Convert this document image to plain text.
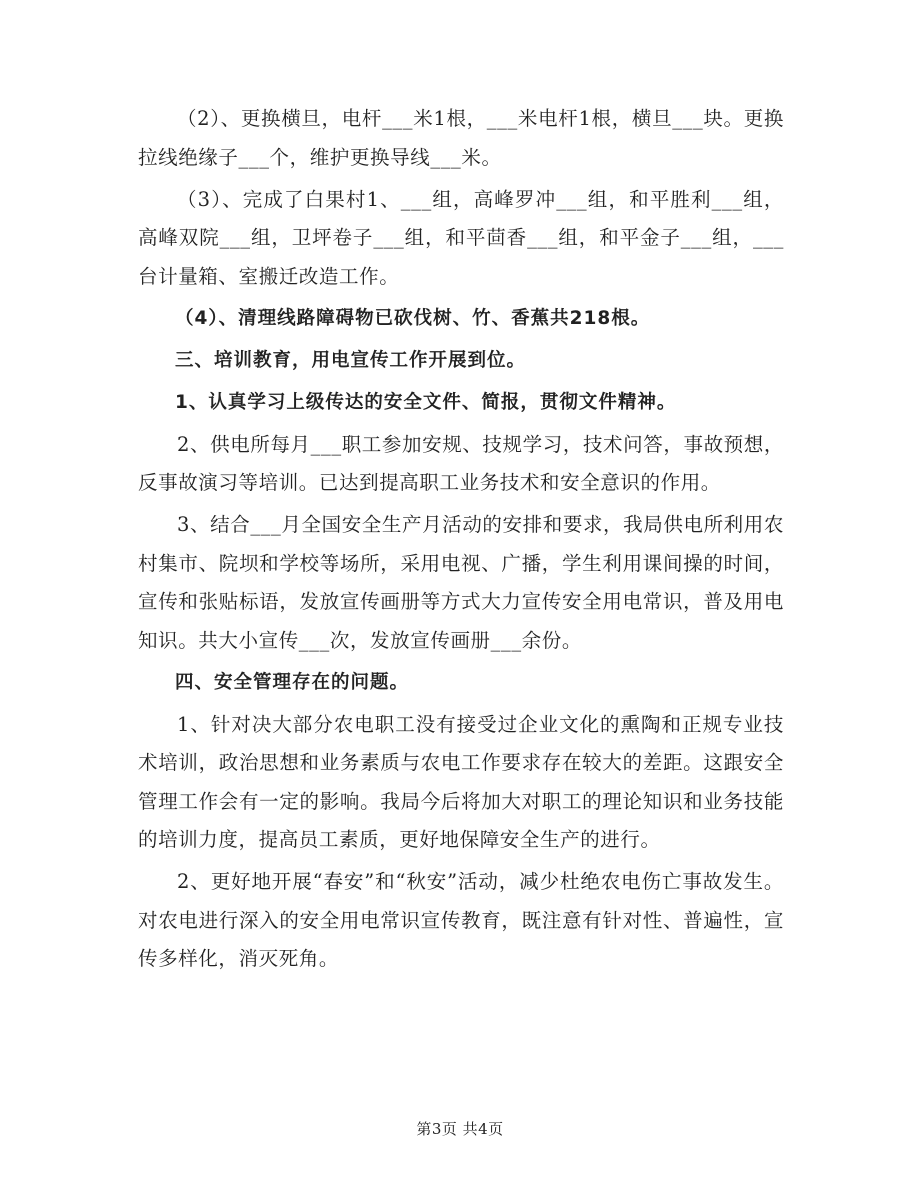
（2）、更换横旦，电杆___米1根，___米电杆1根，横旦___块。更换拉线绝缘子___个，维护更换导线___米。

（3）、完成了白果村1、___组，高峰罗冲___组，和平胜利___组，高峰双院___组，卫坪卷子___组，和平茴香___组，和平金子___组，___台计量箱、室搬迁改造工作。

（4）、清理线路障碍物已砍伐树、竹、香蕉共218根。

三、培训教育，用电宣传工作开展到位。

1、认真学习上级传达的安全文件、简报，贯彻文件精神。

2、供电所每月___职工参加安规、技规学习，技术问答，事故预想，反事故演习等培训。已达到提高职工业务技术和安全意识的作用。

3、结合___月全国安全生产月活动的安排和要求，我局供电所利用农村集市、院坝和学校等场所，采用电视、广播，学生利用课间操的时间，宣传和张贴标语，发放宣传画册等方式大力宣传安全用电常识，普及用电知识。共大小宣传___次，发放宣传画册___余份。

四、安全管理存在的问题。

1、针对决大部分农电职工没有接受过企业文化的熏陶和正规专业技术培训，政治思想和业务素质与农电工作要求存在较大的差距。这跟安全管理工作会有一定的影响。我局今后将加大对职工的理论知识和业务技能的培训力度，提高员工素质，更好地保障安全生产的进行。

2、更好地开展“春安”和“秋安”活动，减少杜绝农电伤亡事故发生。对农电进行深入的安全用电常识宣传教育，既注意有针对性、普遍性，宣传多样化，消灭死角。

第3页 共4页
